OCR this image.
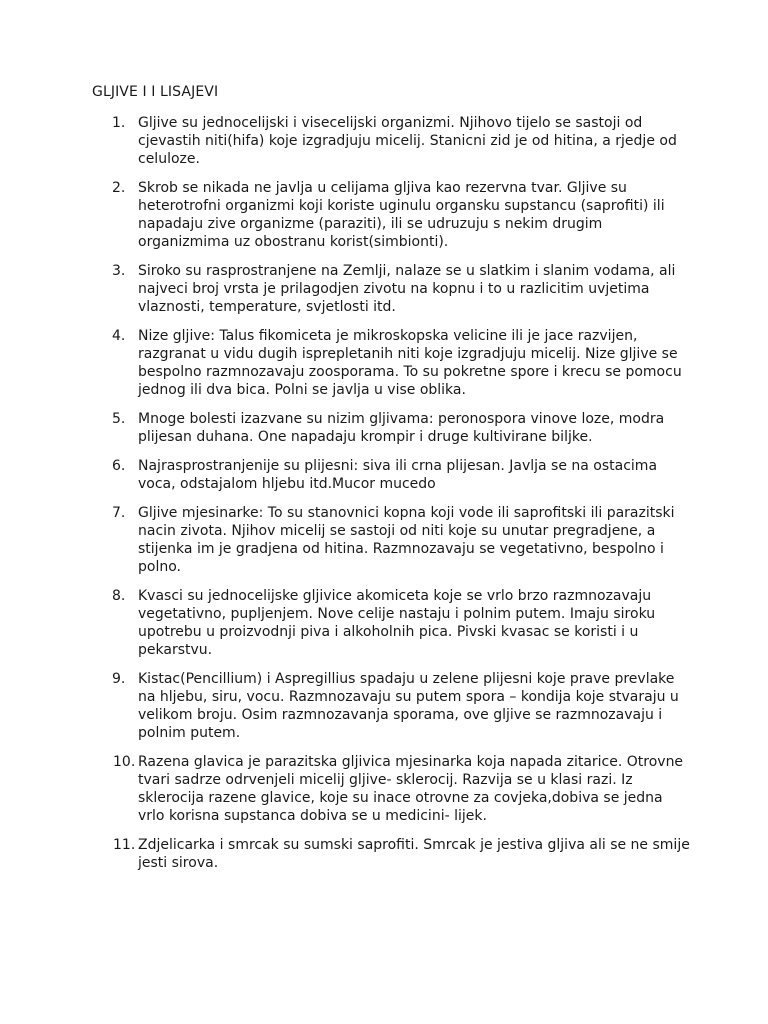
GLJIVE I I LISAJEVI
1. Gljive su jednocelijski i visecelijski organizmi. Njihovo tijelo se sastoji od cjevastih niti(hifa) koje izgradjuju micelij. Stanicni zid je od hitina, a rjedje od celuloze.
2. Skrob se nikada ne javlja u celijama gljiva kao rezervna tvar. Gljive su heterotrofni organizmi koji koriste uginulu organsku supstancu (saprofiti) ili napadaju zive organizme (paraziti), ili se udruzuju s nekim drugim organizmima uz obostranu korist(simbionti).
3. Siroko su rasprostranjene na Zemlji, nalaze se u slatkim i slanim vodama, ali najveci broj vrsta je prilagodjen zivotu na kopnu i to u razlicitim uvjetima vlaznosti, temperature, svjetlosti itd.
4. Nize gljive: Talus fikomiceta je mikroskopska velicine ili je jace razvijen, razgranat u vidu dugih isprepletanih niti koje izgradjuju micelij. Nize gljive se bespolno razmnozavaju zoosporama. To su pokretne spore i krecu se pomocu jednog ili dva bica. Polni se javlja u vise oblika.
5. Mnoge bolesti izazvane su nizim gljivama: peronospora vinove loze, modra plijesan duhana. One napadaju krompir i druge kultivirane biljke.
6. Najrasprostranjenije su plijesni: siva ili crna plijesan. Javlja se na ostacima voca, odstajalom hljebu itd.Mucor mucedo
7. Gljive mjesinarke: To su stanovnici kopna koji vode ili saprofitski ili parazitski nacin zivota. Njihov micelij se sastoji od niti koje su unutar pregradjene, a stijenka im je gradjena od hitina. Razmnozavaju se vegetativno, bespolno i polno.
8. Kvasci su jednocelijske gljivice akomiceta koje se vrlo brzo razmnozavaju vegetativno, pupljenjem. Nove celije nastaju i polnim putem. Imaju siroku upotrebu u proizvodnji piva i alkoholnih pica. Pivski kvasac se koristi i u pekarstvu.
9. Kistac(Pencillium) i Aspregillius spadaju u zelene plijesni koje prave prevlake na hljebu, siru, vocu. Razmnozavaju su putem spora – kondija koje stvaraju u velikom broju. Osim razmnozavanja sporama, ove gljive se razmnozavaju i polnim putem.
10. Razena glavica je parazitska gljivica mjesinarka koja napada zitarice. Otrovne tvari sadrze odrvenjeli micelij gljive- sklerocij. Razvija se u klasi razi. Iz sklerocija razene glavice, koje su inace otrovne za covjeka,dobiva se jedna vrlo korisna supstanca dobiva se u medicini- lijek.
11. Zdjelicarka i smrcak su sumski saprofiti. Smrcak je jestiva gljiva ali se ne smije jesti sirova.
